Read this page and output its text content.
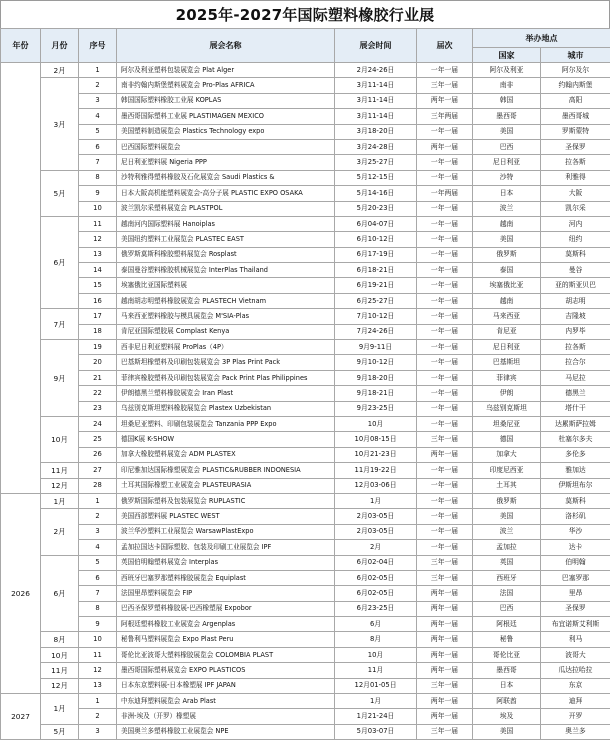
2025年-2027年国际塑料橡胶行业展
年份	月份	序号	展会名称	展会时间	届次	举办地点	
						国家	城市
	2月	1	阿尔及利亚塑料包装展览会 Plat Alger	2月24-26日	一年一届	阿尔及利亚	阿尔及尔
	3月	2	南非约翰内斯堡塑料展览会 Pro-Plas AFRICA	3月11-14日	三年一届	南非	约翰内斯堡
		3	韩国国际塑料橡胶工业展 KOPLAS	3月11-14日	两年一届	韩国	高阳
		4	墨西哥国际塑料工业展 PLASTIMAGEN MEXICO	3月11-14日	三年两届	墨西哥	墨西哥城
		5	美国塑料制造展览会 Plastics Technology expo	3月18-20日	一年一届	美国	罗斯蒙特
		6	巴西国际塑料展览会	3月24-28日	两年一届	巴西	圣保罗
		7	尼日利亚塑料展 Nigeria PPP	3月25-27日	一年一届	尼日利亚	拉各斯
	5月	8	沙特利雅得塑料橡胶及石化展览会 Saudi Plastics &	5月12-15日	一年一届	沙特	利雅得
		9	日本大阪高机能塑料展览会-高分子展 PLASTIC EXPO OSAKA	5月14-16日	一年两届	日本	大阪
		10	波兰凯尔采塑料展览会 PLASTPOL	5月20-23日	一年一届	波兰	凯尔采
	6月	11	越南河内国际塑料展 Hanoiplas	6月04-07日	一年一届	越南	河内
		12	美国纽约塑料工业展览会 PLASTEC EAST	6月10-12日	一年一届	美国	纽约
		13	俄罗斯莫斯科橡胶塑料展览会 Rosplast	6月17-19日	一年一届	俄罗斯	莫斯科
		14	泰国曼谷塑料橡胶机械展览会 InterPlas Thailand	6月18-21日	一年一届	泰国	曼谷
		15	埃塞俄比亚国际塑料展	6月19-21日	一年一届	埃塞俄比亚	亚的斯亚贝巴
		16	越南胡志明塑料橡胶展览会 PLASTECH Vietnam	6月25-27日	一年一届	越南	胡志明
	7月	17	马来西亚塑料橡胶与模具展览会 M'SIA-Plas	7月10-12日	一年一届	马来西亚	吉隆坡
		18	肯尼亚国际塑胶展 Complast Kenya	7月24-26日	一年一届	肯尼亚	内罗毕
	9月	19	西非尼日利亚塑料展 ProPlas（4P）	9月9-11日	一年一届	尼日利亚	拉各斯
		20	巴基斯坦橡塑料及印刷包装展览会 3P Plas Print Pack	9月10-12日	一年一届	巴基斯坦	拉合尔
		21	菲律宾橡胶塑料及印刷包装展览会 Pack Print Plas Philippines	9月18-20日	一年一届	菲律宾	马尼拉
		22	伊朗德黑兰塑料橡胶展览会 Iran Plast	9月18-21日	一年一届	伊朗	德黑兰
		23	乌兹别克斯坦塑料橡胶展览会 Plastex Uzbekistan	9月23-25日	一年一届	乌兹别克斯坦	塔什干
	10月	24	坦桑尼亚塑料、印刷包装展览会 Tanzania PPP Expo	10月	一年一届	坦桑尼亚	达累斯萨拉姆
		25	德国K展 K-SHOW	10月08-15日	三年一届	德国	杜塞尔多夫
		26	加拿大橡胶塑料展览会 ADM PLASTEX	10月21-23日	两年一届	加拿大	多伦多
	11月	27	印尼雅加达国际橡塑展览会 PLASTIC&RUBBER INDONESIA	11月19-22日	一年一届	印度尼西亚	雅加达
	12月	28	土耳其国际橡塑工业展览会 PLASTEURASIA	12月03-06日	一年一届	土耳其	伊斯坦布尔
2026	1月	1	俄罗斯国际塑料及包装展览会 RUPLASTIC	1月	一年一届	俄罗斯	莫斯科
	2月	2	美国西部塑料展 PLASTEC WEST	2月03-05日	一年一届	美国	洛杉矶
		3	波兰华沙塑料工业展览会 WarsawPlastExpo	2月03-05日	一年一届	波兰	华沙
		4	孟加拉国达卡国际塑胶、包装及印刷工业展览会 IPF	2月	一年一届	孟加拉	达卡
	6月	5	英国伯明翰塑料展览会 Interplas	6月02-04日	三年一届	英国	伯明翰
		6	西班牙巴塞罗那塑料橡胶展览会 Equiplast	6月02-05日	三年一届	西班牙	巴塞罗那
		7	法国里昂塑料展览会 FIP	6月02-05日	两年一届	法国	里昂
		8	巴西圣保罗塑料橡胶展-巴西橡塑展 Expobor	6月23-25日	两年一届	巴西	圣保罗
		9	阿根廷塑料橡胶工业展览会 Argenplas	6月	两年一届	阿根廷	布宜诺斯艾利斯
	8月	10	秘鲁利马塑料展览会 Expo Plast Peru	8月	两年一届	秘鲁	利马
	10月	11	哥伦比亚波哥大塑料橡胶展览会 COLOMBIA PLAST	10月	两年一届	哥伦比亚	波哥大
	11月	12	墨西哥国际塑料展览会 EXPO PLASTICOS	11月	两年一届	墨西哥	瓜达拉哈拉
	12月	13	日本东京塑料展-日本橡塑展 IPF JAPAN	12月01-05日	三年一届	日本	东京
2027	1月	1	中东迪拜塑料展览会 Arab Plast	1月	两年一届	阿联酋	迪拜
		2	非洲-埃及（开罗）橡塑展	1月21-24日	两年一届	埃及	开罗
	5月	3	美国奥兰多塑料橡胶工业展览会 NPE	5月03-07日	三年一届	美国	奥兰多
